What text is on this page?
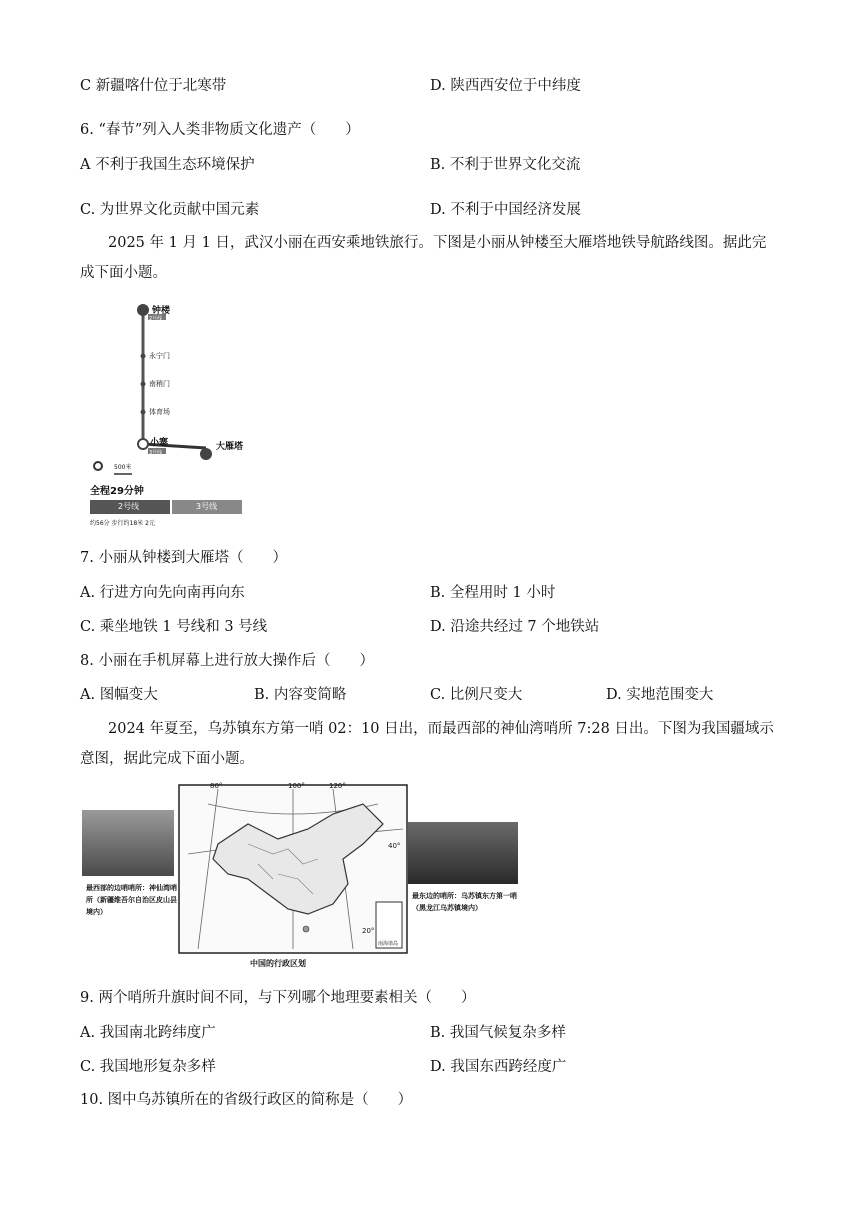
C 新疆喀什位于北寒带	D. 陕西西安位于中纬度
6. “春节”列入人类非物质文化遗产（　　）
A 不利于我国生态环境保护	B. 不利于世界文化交流
C. 为世界文化贡献中国元素	D. 不利于中国经济发展
2025 年 1 月 1 日，武汉小丽在西安乘地铁旅行。下图是小丽从钟楼至大雁塔地铁导航路线图。据此完成下面小题。
钟楼
2号线
永宁门
南稍门
体育场
小寨
3号线
大雁塔
500米
全程29分钟
2号线	3号线
约56分 步行约18米 2元
7. 小丽从钟楼到大雁塔（　　）
A. 行进方向先向南再向东	B. 全程用时 1 小时
C. 乘坐地铁 1 号线和 3 号线	D. 沿途共经过 7 个地铁站
8. 小丽在手机屏幕上进行放大操作后（　　）
A. 图幅变大	B. 内容变简略	C. 比例尺变大	D. 实地范围变大
2024 年夏至，乌苏镇东方第一哨 02：10 日出，而最西部的神仙湾哨所 7:28 日出。下图为我国疆域示意图，据此完成下面小题。
80°	100°	120°
40°
20°
南海诸岛
中国的行政区划
最西部的边哨哨所：神仙湾哨所（新疆维吾尔自治区皮山县境内）
最东边的哨所：乌苏镇东方第一哨（黑龙江乌苏镇境内）
9. 两个哨所升旗时间不同，与下列哪个地理要素相关（　　）
A. 我国南北跨纬度广	B. 我国气候复杂多样
C. 我国地形复杂多样	D. 我国东西跨经度广
10. 图中乌苏镇所在的省级行政区的简称是（　　）
